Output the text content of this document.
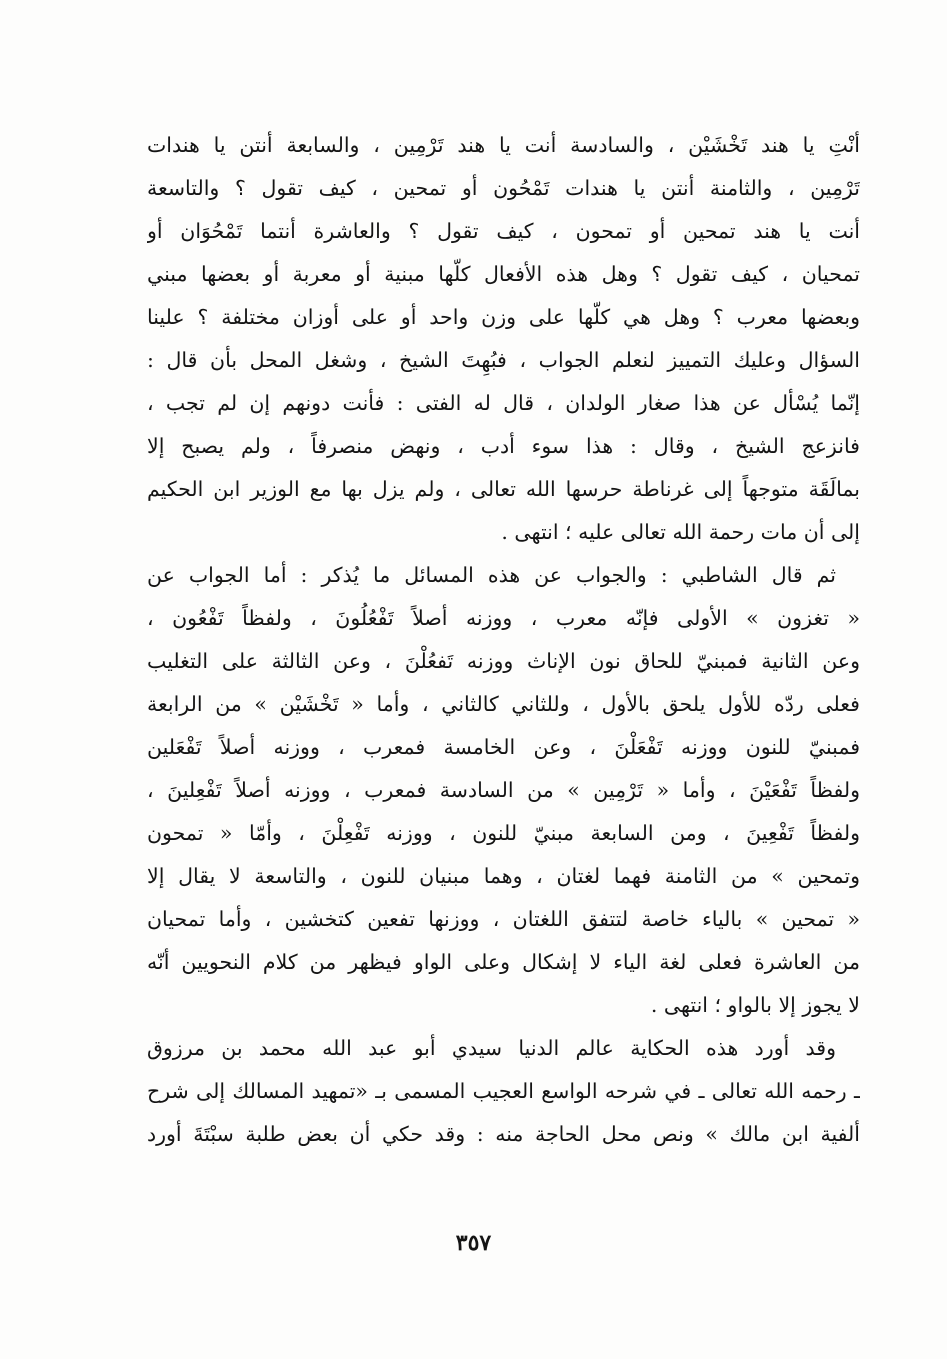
أنْتِ يا هند تَخْشَيْن ، والسادسة أنت يا هند تَرْمِين ، والسابعة أنتن يا هندات
تَرْمِين ، والثامنة أنتن يا هندات تَمْحُون أو تمحين ، كيف تقول ؟ والتاسعة
أنت يا هند تمحين أو تمحون ، كيف تقول ؟ والعاشرة أنتما تَمْحُوَان أو
تمحيان ، كيف تقول ؟ وهل هذه الأفعال كلّها مبنية أو معربة أو بعضها مبني
وبعضها معرب ؟ وهل هي كلّها على وزن واحد أو على أوزان مختلفة ؟ علينا
السؤال وعليك التمييز لنعلم الجواب ، فبُهِتَ الشيخ ، وشغل المحل بأن قال :
إنّما يُسْأل عن هذا صغار الولدان ، قال له الفتى : فأنت دونهم إن لم تجب ،
فانزعج الشيخ ، وقال : هذا سوء أدب ، ونهض منصرفاً ، ولم يصبح إلا
بمالَقَة متوجهاً إلى غرناطة حرسها الله تعالى ، ولم يزل بها مع الوزير ابن الحكيم
إلى أن مات رحمة الله تعالى عليه ؛ انتهى .
ثم قال الشاطبي : والجواب عن هذه المسائل ما يُذكر : أما الجواب عن
« تغزون » الأولى فإنّه معرب ، ووزنه أصلاً تَفْعُلُونَ ، ولفظاً تَفْعُون ،
وعن الثانية فمبنيّ للحاق نون الإناث ووزنه تَفعُلْنَ ، وعن الثالثة على التغليب
فعلى ردّه للأول يلحق بالأول ، وللثاني كالثاني ، وأما « تَخْشَيْن » من الرابعة
فمبنيّ للنون ووزنه تَفْعَلْنَ ، وعن الخامسة فمعرب ، ووزنه أصلاً تَفْعَلين
ولفظاً تَفْعَيْنَ ، وأما « تَرْمِين » من السادسة فمعرب ، ووزنه أصلاً تَفْعِلينَ ،
ولفظاً تَفْعِينَ ، ومن السابعة مبنيّ للنون ، ووزنه تَفْعِلْنَ ، وأمّا « تمحون
وتمحين » من الثامنة فهما لغتان ، وهما مبنيان للنون ، والتاسعة لا يقال إلا
« تمحين » بالياء خاصة لتتفق اللغتان ، ووزنها تفعين كتخشين ، وأما تمحيان
من العاشرة فعلى لغة الياء لا إشكال وعلى الواو فيظهر من كلام النحويين أنّه
لا يجوز إلا بالواو ؛ انتهى .
وقد أورد هذه الحكاية عالم الدنيا سيدي أبو عبد الله محمد بن مرزوق
ـ رحمه الله تعالى ـ في شرحه الواسع العجيب المسمى بـ «تمهيد المسالك إلى شرح
ألفية ابن مالك » ونص محل الحاجة منه : وقد حكي أن بعض طلبة سبْتَةَ أورد
٣٥٧
